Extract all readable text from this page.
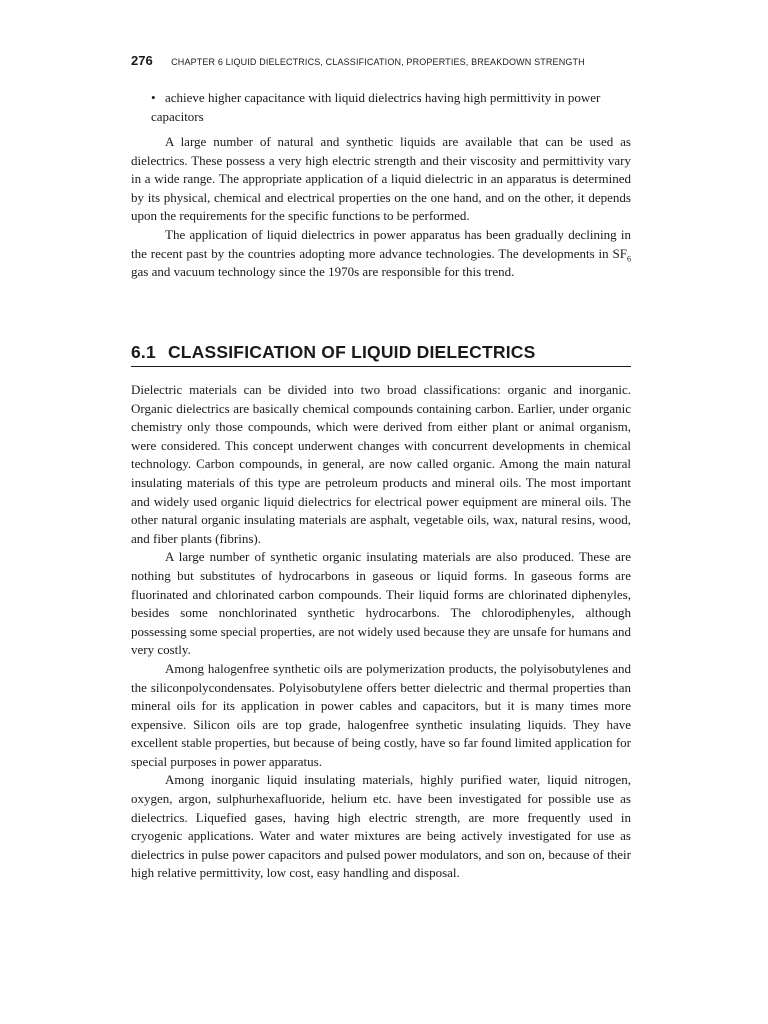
276 CHAPTER 6 LIQUID DIELECTRICS, CLASSIFICATION, PROPERTIES, BREAKDOWN STRENGTH
• achieve higher capacitance with liquid dielectrics having high permittivity in power capacitors

A large number of natural and synthetic liquids are available that can be used as dielectrics. These possess a very high electric strength and their viscosity and permittivity vary in a wide range. The appropriate application of a liquid dielectric in an apparatus is determined by its physical, chemical and electrical properties on the one hand, and on the other, it depends upon the requirements for the specific functions to be performed.

The application of liquid dielectrics in power apparatus has been gradually declining in the recent past by the countries adopting more advance technologies. The developments in $SF_6$ gas and vacuum technology since the 1970s are responsible for this trend.

6.1 CLASSIFICATION OF LIQUID DIELECTRICS

Dielectric materials can be divided into two broad classifications: organic and inorganic. Organic dielectrics are basically chemical compounds containing carbon. Earlier, under organic chemistry only those compounds, which were derived from either plant or animal organism, were considered. This concept underwent changes with concurrent developments in chemical technology. Carbon compounds, in general, are now called organic. Among the main natural insulating materials of this type are petroleum products and mineral oils. The most important and widely used organic liquid dielectrics for electrical power equipment are mineral oils. The other natural organic insulating materials are asphalt, vegetable oils, wax, natural resins, wood, and fiber plants (fibrins).

A large number of synthetic organic insulating materials are also produced. These are nothing but substitutes of hydrocarbons in gaseous or liquid forms. In gaseous forms are fluorinated and chlorinated carbon compounds. Their liquid forms are chlorinated diphenyles, besides some nonchlorinated synthetic hydrocarbons. The chlorodiphenyles, although possessing some special properties, are not widely used because they are unsafe for humans and very costly.

Among halogenfree synthetic oils are polymerization products, the polyisobutylenes and the siliconpolycondensates. Polyisobutylene offers better dielectric and thermal properties than mineral oils for its application in power cables and capacitors, but it is many times more expensive. Silicon oils are top grade, halogenfree synthetic insulating liquids. They have excellent stable properties, but because of being costly, have so far found limited application for special purposes in power apparatus.

Among inorganic liquid insulating materials, highly purified water, liquid nitrogen, oxygen, argon, sulphurhexafluoride, helium etc. have been investigated for possible use as dielectrics. Liquefied gases, having high electric strength, are more frequently used in cryogenic applications. Water and water mixtures are being actively investigated for use as dielectrics in pulse power capacitors and pulsed power modulators, and son on, because of their high relative permittivity, low cost, easy handling and disposal.
